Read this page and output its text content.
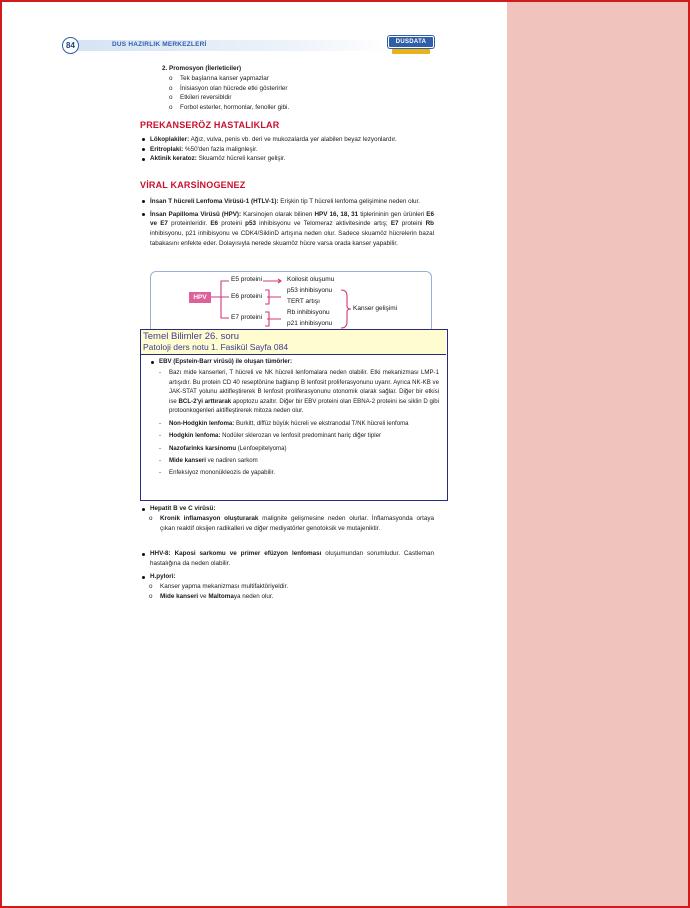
84	DUS HAZIRLIK MERKEZLERİ	DUSDATA
2. Promosyon (İlerleticiler)
o Tek başlarına kanser yapmazlar
o İnisiasyon olan hücrede etki gösterirler
o Etkileri reversibldir
o Forbol esterler, hormonlar, fenoller gibi.
PREKANSERÖZ HASTALIKLAR
Lökoplakiler: Ağız, vulva, penis vb. deri ve mukozalarda yer alabilen beyaz lezyonlardır.
Eritroplaki: %50'den fazla malignleşir.
Aktinik keratoz: Skuamöz hücreli kanser gelişir.
VİRAL KARSİNOGENEZ
İnsan T hücreli Lenfoma Virüsü-1 (HTLV-1): Erişkin tip T hücreli lenfoma gelişimine neden olur.
İnsan Papilloma Virüsü (HPV): Karsinojen olarak bilinen HPV 16, 18, 31 tiplerininin gen ürünleri E6 ve E7 proteinleridir. E6 proteini p53 inhibisyonu ve Telomeraz aktivitesinde artış; E7 proteini Rb inhibisyonu, p21 inhibisyonu ve CDK4/SiklinD artışına neden olur. Sadece skuamöz hücrelerin bazal tabakasını enfekte eder. Dolayısıyla nerede skuamöz hücre varsa orada kanser yapabilir.
Hepatit B ve C virüsü:
o Kronik inflamasyon oluşturarak malignite gelişmesine neden olurlar. İnflamasyonda ortaya çıkan reaktif oksijen radikalleri ve diğer mediyatörler genotoksik ve mutajeniktir.
HHV-8: Kaposi sarkomu ve primer efüzyon lenfoması oluşumundan sorumludur. Castleman hastalığına da neden olabilir.
H.pylori:
o Kanser yapma mekanizması multifaktöriyeldir.
o Mide kanseri ve Maltomaya neden olur.
HPV
E5 proteini
E6 proteini
E7 proteini
Koilosit oluşumu
p53 inhibisyonu
TERT artışı
Rb inhibisyonu
p21 inhibisyonu
Kanser gelişimi
Temel Bilimler 26. soru
Patoloji ders notu 1. Fasikül Sayfa 084
EBV (Epstein-Barr virüsü) ile oluşan tümörler:
- Bazı mide kanserleri, T hücreli ve NK hücreli lenfomalara neden olabilir. Etki mekanizması LMP-1 artışıdır. Bu protein CD 40 reseptörüne bağlanıp B lenfosit proliferasyonunu uyarır. Ayrıca NK-KB ve JAK-STAT yolunu aktifleştirerek B lenfosit proliferasyonunu otonomik olarak sağlar. Diğer bir etkisi ise BCL-2'yi arttırarak apoptozu azaltır. Diğer bir EBV proteini olan EBNA-2 proteini ise siklin D gibi protoonkogenleri aktifleştirerek mitoza neden olur.
- Non-Hodgkin lenfoma: Burkitt, diffüz büyük hücreli ve ekstranodal T/NK hücreli lenfoma
- Hodgkin lenfoma: Nodüler sklerozan ve lenfosit predominant hariç diğer tipler
- Nazofarinks karsinomu (Lenfoepitelyoma)
- Mide kanseri ve nadiren sarkom
- Enfeksiyoz mononükleozis de yapabilir.
